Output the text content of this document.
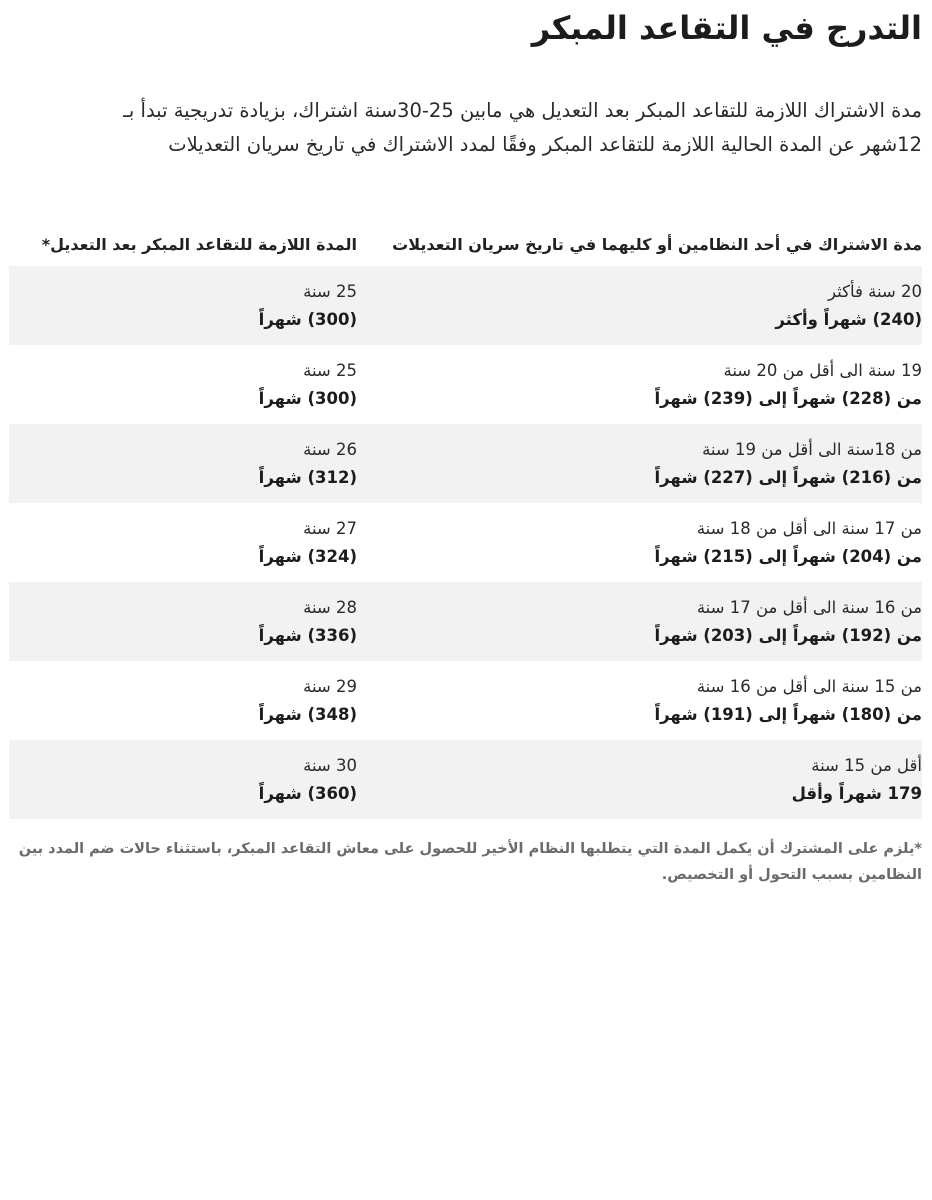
التدرج في التقاعد المبكر
مدة الاشتراك اللازمة للتقاعد المبكر بعد التعديل هي مابين 25-30سنة اشتراك، بزيادة تدريجية تبدأ بـ
12شهر عن المدة الحالية اللازمة للتقاعد المبكر وفقًا لمدد الاشتراك في تاريخ سريان التعديلات
مدة الاشتراك في أحد النظامين أو كليهما في تاريخ سريان التعديلات
المدة اللازمة للتقاعد المبكر بعد التعديل*
20 سنة فأكثر
(240) شهراً وأكثر
25 سنة
(300) شهراً
19 سنة الى أقل من 20 سنة
من (228) شهراً إلى (239) شهراً
25 سنة
(300) شهراً
من 18سنة الى أقل من 19 سنة
من (216) شهراً إلى (227) شهراً
26 سنة
(312) شهراً
من 17 سنة الى أقل من 18 سنة
من (204) شهراً إلى (215) شهراً
27 سنة
(324) شهراً
من 16 سنة الى أقل من 17 سنة
من (192) شهراً إلى (203) شهراً
28 سنة
(336) شهراً
من 15 سنة الى أقل من 16 سنة
من (180) شهراً إلى (191) شهراً
29 سنة
(348) شهراً
أقل من 15 سنة
179 شهراً وأقل
30 سنة
(360) شهراً
*يلزم على المشترك أن يكمل المدة التي يتطلبها النظام الأخير للحصول على معاش التقاعد المبكر، باستثناء حالات ضم المدد بين
النظامين بسبب التحول أو التخصيص.
